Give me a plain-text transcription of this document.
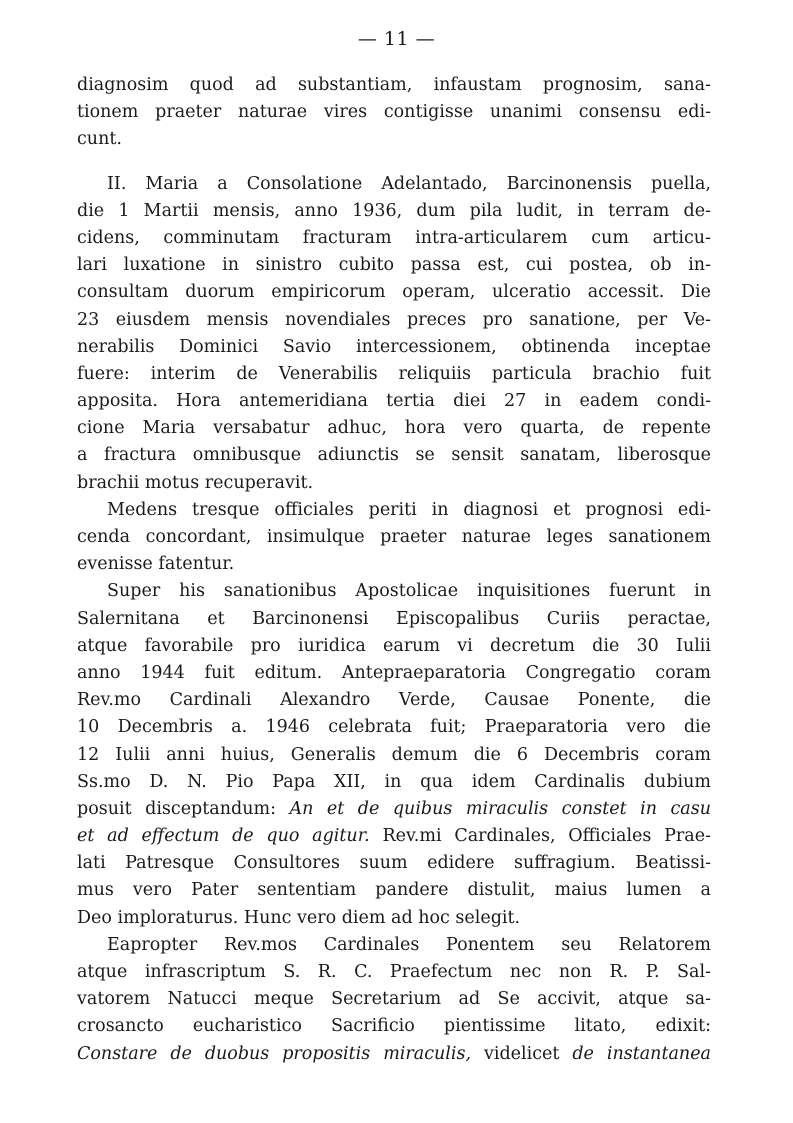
— 11 —
diagnosim quod ad substantiam, infaustam prognosim, sana-
tionem praeter naturae vires contigisse unanimi consensu edi-
cunt.
II. Maria a Consolatione Adelantado, Barcinonensis puella,
die 1 Martii mensis, anno 1936, dum pila ludit, in terram de-
cidens, comminutam fracturam intra-articularem cum articu-
lari luxatione in sinistro cubito passa est, cui postea, ob in-
consultam duorum empiricorum operam, ulceratio accessit. Die
23 eiusdem mensis novendiales preces pro sanatione, per Ve-
nerabilis Dominici Savio intercessionem, obtinenda inceptae
fuere: interim de Venerabilis reliquiis particula brachio fuit
apposita. Hora antemeridiana tertia diei 27 in eadem condi-
cione Maria versabatur adhuc, hora vero quarta, de repente
a fractura omnibusque adiunctis se sensit sanatam, liberosque
brachii motus recuperavit.
Medens tresque officiales periti in diagnosi et prognosi edi-
cenda concordant, insimulque praeter naturae leges sanationem
evenisse fatentur.
Super his sanationibus Apostolicae inquisitiones fuerunt in
Salernitana et Barcinonensi Episcopalibus Curiis peractae,
atque favorabile pro iuridica earum vi decretum die 30 Iulii
anno 1944 fuit editum. Antepraeparatoria Congregatio coram
Rev.mo Cardinali Alexandro Verde, Causae Ponente, die
10 Decembris a. 1946 celebrata fuit; Praeparatoria vero die
12 Iulii anni huius, Generalis demum die 6 Decembris coram
Ss.mo D. N. Pio Papa XII, in qua idem Cardinalis dubium
posuit disceptandum: An et de quibus miraculis constet in casu
et ad effectum de quo agitur. Rev.mi Cardinales, Officiales Prae-
lati Patresque Consultores suum edidere suffragium. Beatissi-
mus vero Pater sententiam pandere distulit, maius lumen a
Deo imploraturus. Hunc vero diem ad hoc selegit.
Eapropter Rev.mos Cardinales Ponentem seu Relatorem
atque infrascriptum S. R. C. Praefectum nec non R. P. Sal-
vatorem Natucci meque Secretarium ad Se accivit, atque sa-
crosancto eucharistico Sacrificio pientissime litato, edixit:
Constare de duobus propositis miraculis, videlicet de instantanea
